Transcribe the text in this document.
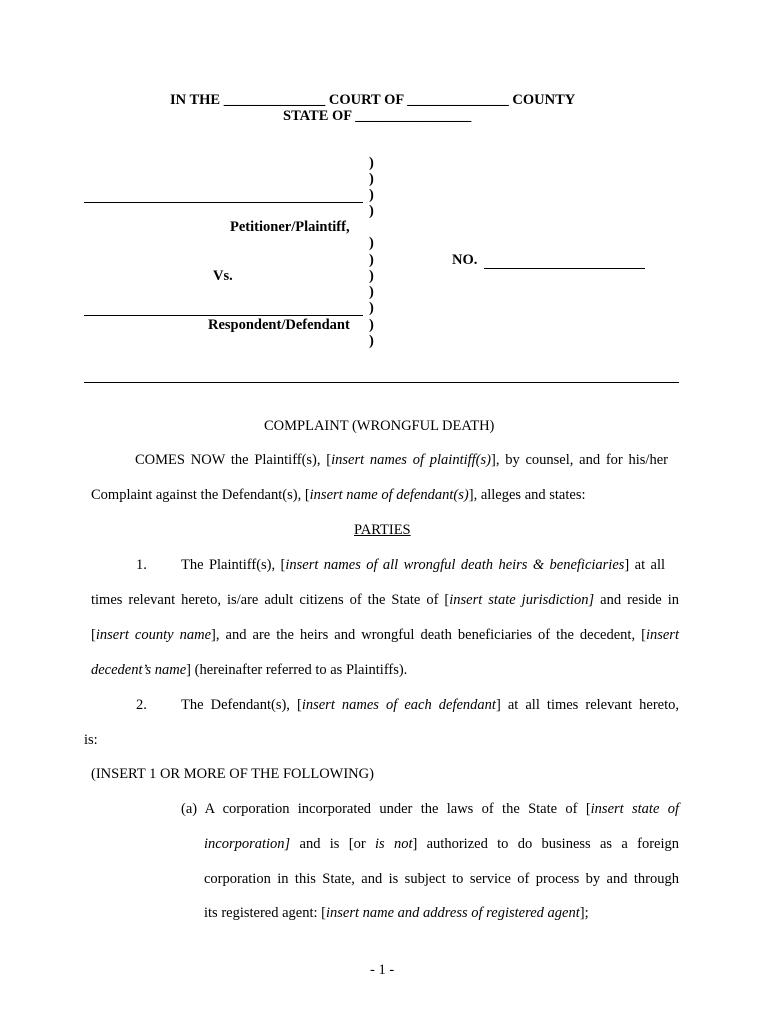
IN THE ______________ COURT OF ______________ COUNTY
STATE OF ________________
)
)
)
)
)
)
)
)
)
)
)
Petitioner/Plaintiff,
Vs.
Respondent/Defendant
NO.
COMPLAINT (WRONGFUL DEATH)
COMES NOW the Plaintiff(s), [insert names of plaintiff(s)], by counsel, and for his/her
Complaint against the Defendant(s), [insert name of defendant(s)], alleges and states:
PARTIES
1. The Plaintiff(s), [insert names of all wrongful death heirs & beneficiaries] at all
times relevant hereto, is/are adult citizens of the State of [insert state jurisdiction] and reside in
[insert county name], and are the heirs and wrongful death beneficiaries of the decedent, [insert
decedent’s name] (hereinafter referred to as Plaintiffs).
2. The Defendant(s), [insert names of each defendant] at all times relevant hereto,
is:
(INSERT 1 OR MORE OF THE FOLLOWING)
(a) A corporation incorporated under the laws of the State of [insert state of
incorporation] and is [or is not] authorized to do business as a foreign
corporation in this State, and is subject to service of process by and through
its registered agent: [insert name and address of registered agent];
- 1 -
